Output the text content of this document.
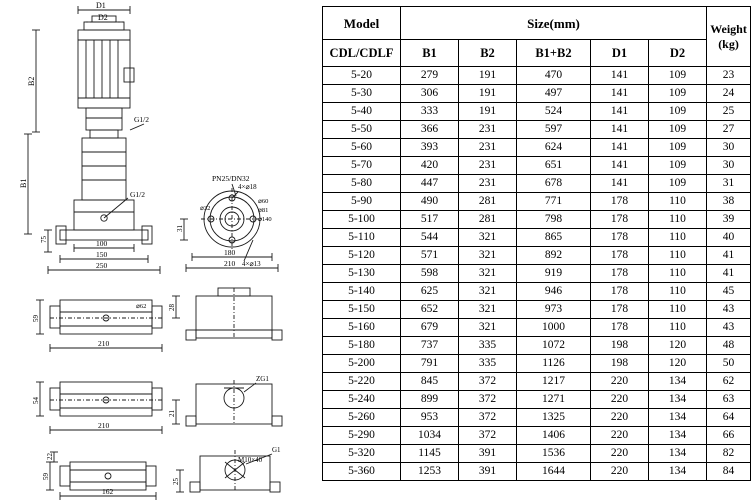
G1/2
G1/2
D1
D2
B2
B1
75	100
150
250
PN25/DN32
4×⌀18
4×⌀13
⌀32
⌀60
⌀81
⌀140
31
180
210
59
210
⌀62	28
54
210
ZG1
21
22
59
162
G1
M10×40
25
Model	Size(mm)					Weight
(kg)

CDL/CDLF	B1	B2	B1+B2	D1	D2	
5-20	279	191	470	141	109	23
5-30	306	191	497	141	109	24
5-40	333	191	524	141	109	25
5-50	366	231	597	141	109	27
5-60	393	231	624	141	109	30
5-70	420	231	651	141	109	30
5-80	447	231	678	141	109	31
5-90	490	281	771	178	110	38
5-100	517	281	798	178	110	39
5-110	544	321	865	178	110	40
5-120	571	321	892	178	110	41
5-130	598	321	919	178	110	41
5-140	625	321	946	178	110	45
5-150	652	321	973	178	110	43
5-160	679	321	1000	178	110	43
5-180	737	335	1072	198	120	48
5-200	791	335	1126	198	120	50
5-220	845	372	1217	220	134	62
5-240	899	372	1271	220	134	63
5-260	953	372	1325	220	134	64
5-290	1034	372	1406	220	134	66
5-320	1145	391	1536	220	134	82
5-360	1253	391	1644	220	134	84
